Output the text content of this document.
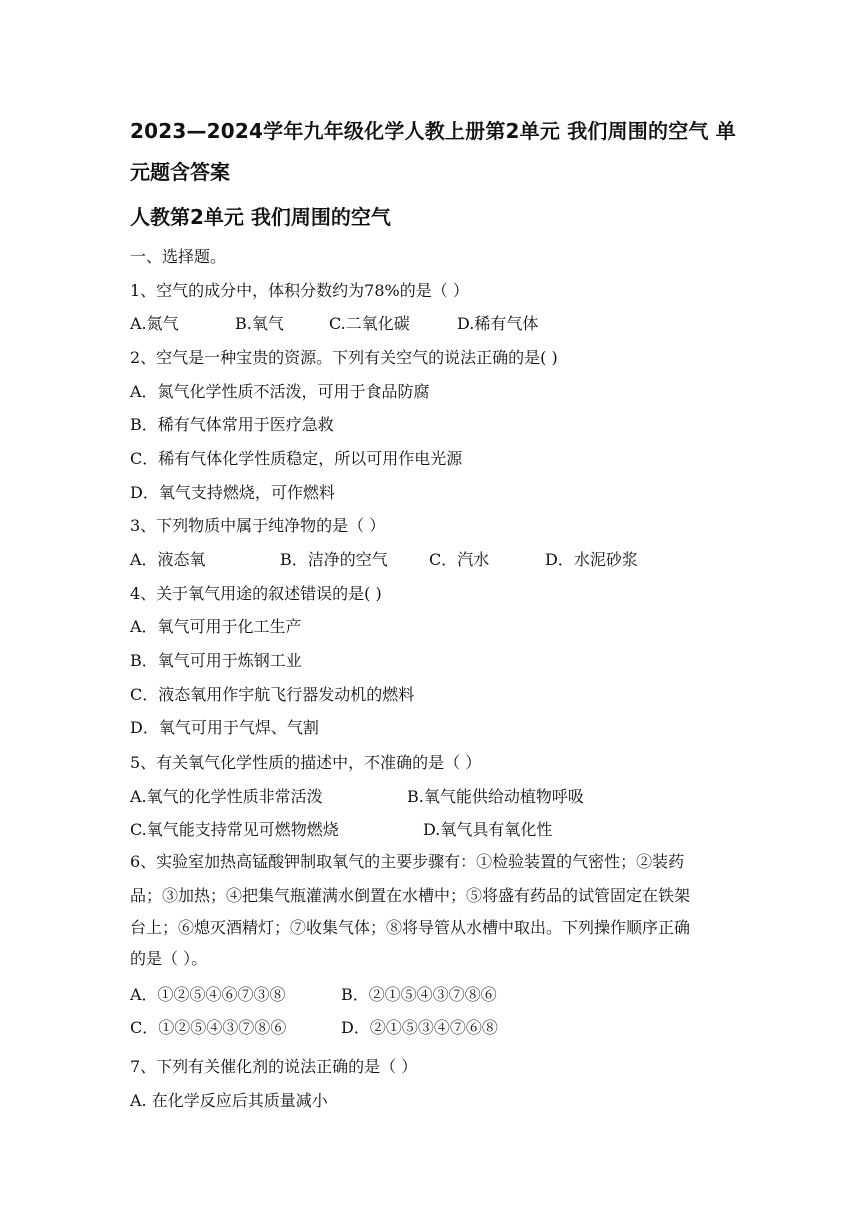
2023—2024学年九年级化学人教上册第2单元 我们周围的空气 单
元题含答案
人教第2单元 我们周围的空气
一、选择题。
1、空气的成分中，体积分数约为78%的是（ ）
A.氮气	B.氧气	C.二氧化碳	D.稀有气体
2、空气是一种宝贵的资源。下列有关空气的说法正确的是( )
A．氮气化学性质不活泼，可用于食品防腐
B．稀有气体常用于医疗急救
C．稀有气体化学性质稳定，所以可用作电光源
D．氧气支持燃烧，可作燃料
3、下列物质中属于纯净物的是（ ）
A．液态氧	B．洁净的空气	C．汽水	D．水泥砂浆
4、关于氧气用途的叙述错误的是( )
A．氧气可用于化工生产
B．氧气可用于炼钢工业
C．液态氧用作宇航飞行器发动机的燃料
D．氧气可用于气焊、气割
5、有关氧气化学性质的描述中，不准确的是（ ）
A.氧气的化学性质非常活泼	B.氧气能供给动植物呼吸
C.氧气能支持常见可燃物燃烧	D.氧气具有氧化性
6、实验室加热高锰酸钾制取氧气的主要步骤有：①检验装置的气密性；②装药
品；③加热；④把集气瓶灌满水倒置在水槽中；⑤将盛有药品的试管固定在铁架
台上；⑥熄灭酒精灯；⑦收集气体；⑧将导管从水槽中取出。下列操作顺序正确
的是（ ）。
A．①②⑤④⑥⑦③⑧	B．②①⑤④③⑦⑧⑥
C．①②⑤④③⑦⑧⑥	D．②①⑤③④⑦⑥⑧
7、下列有关催化剂的说法正确的是（ ）
A. 在化学反应后其质量减小
